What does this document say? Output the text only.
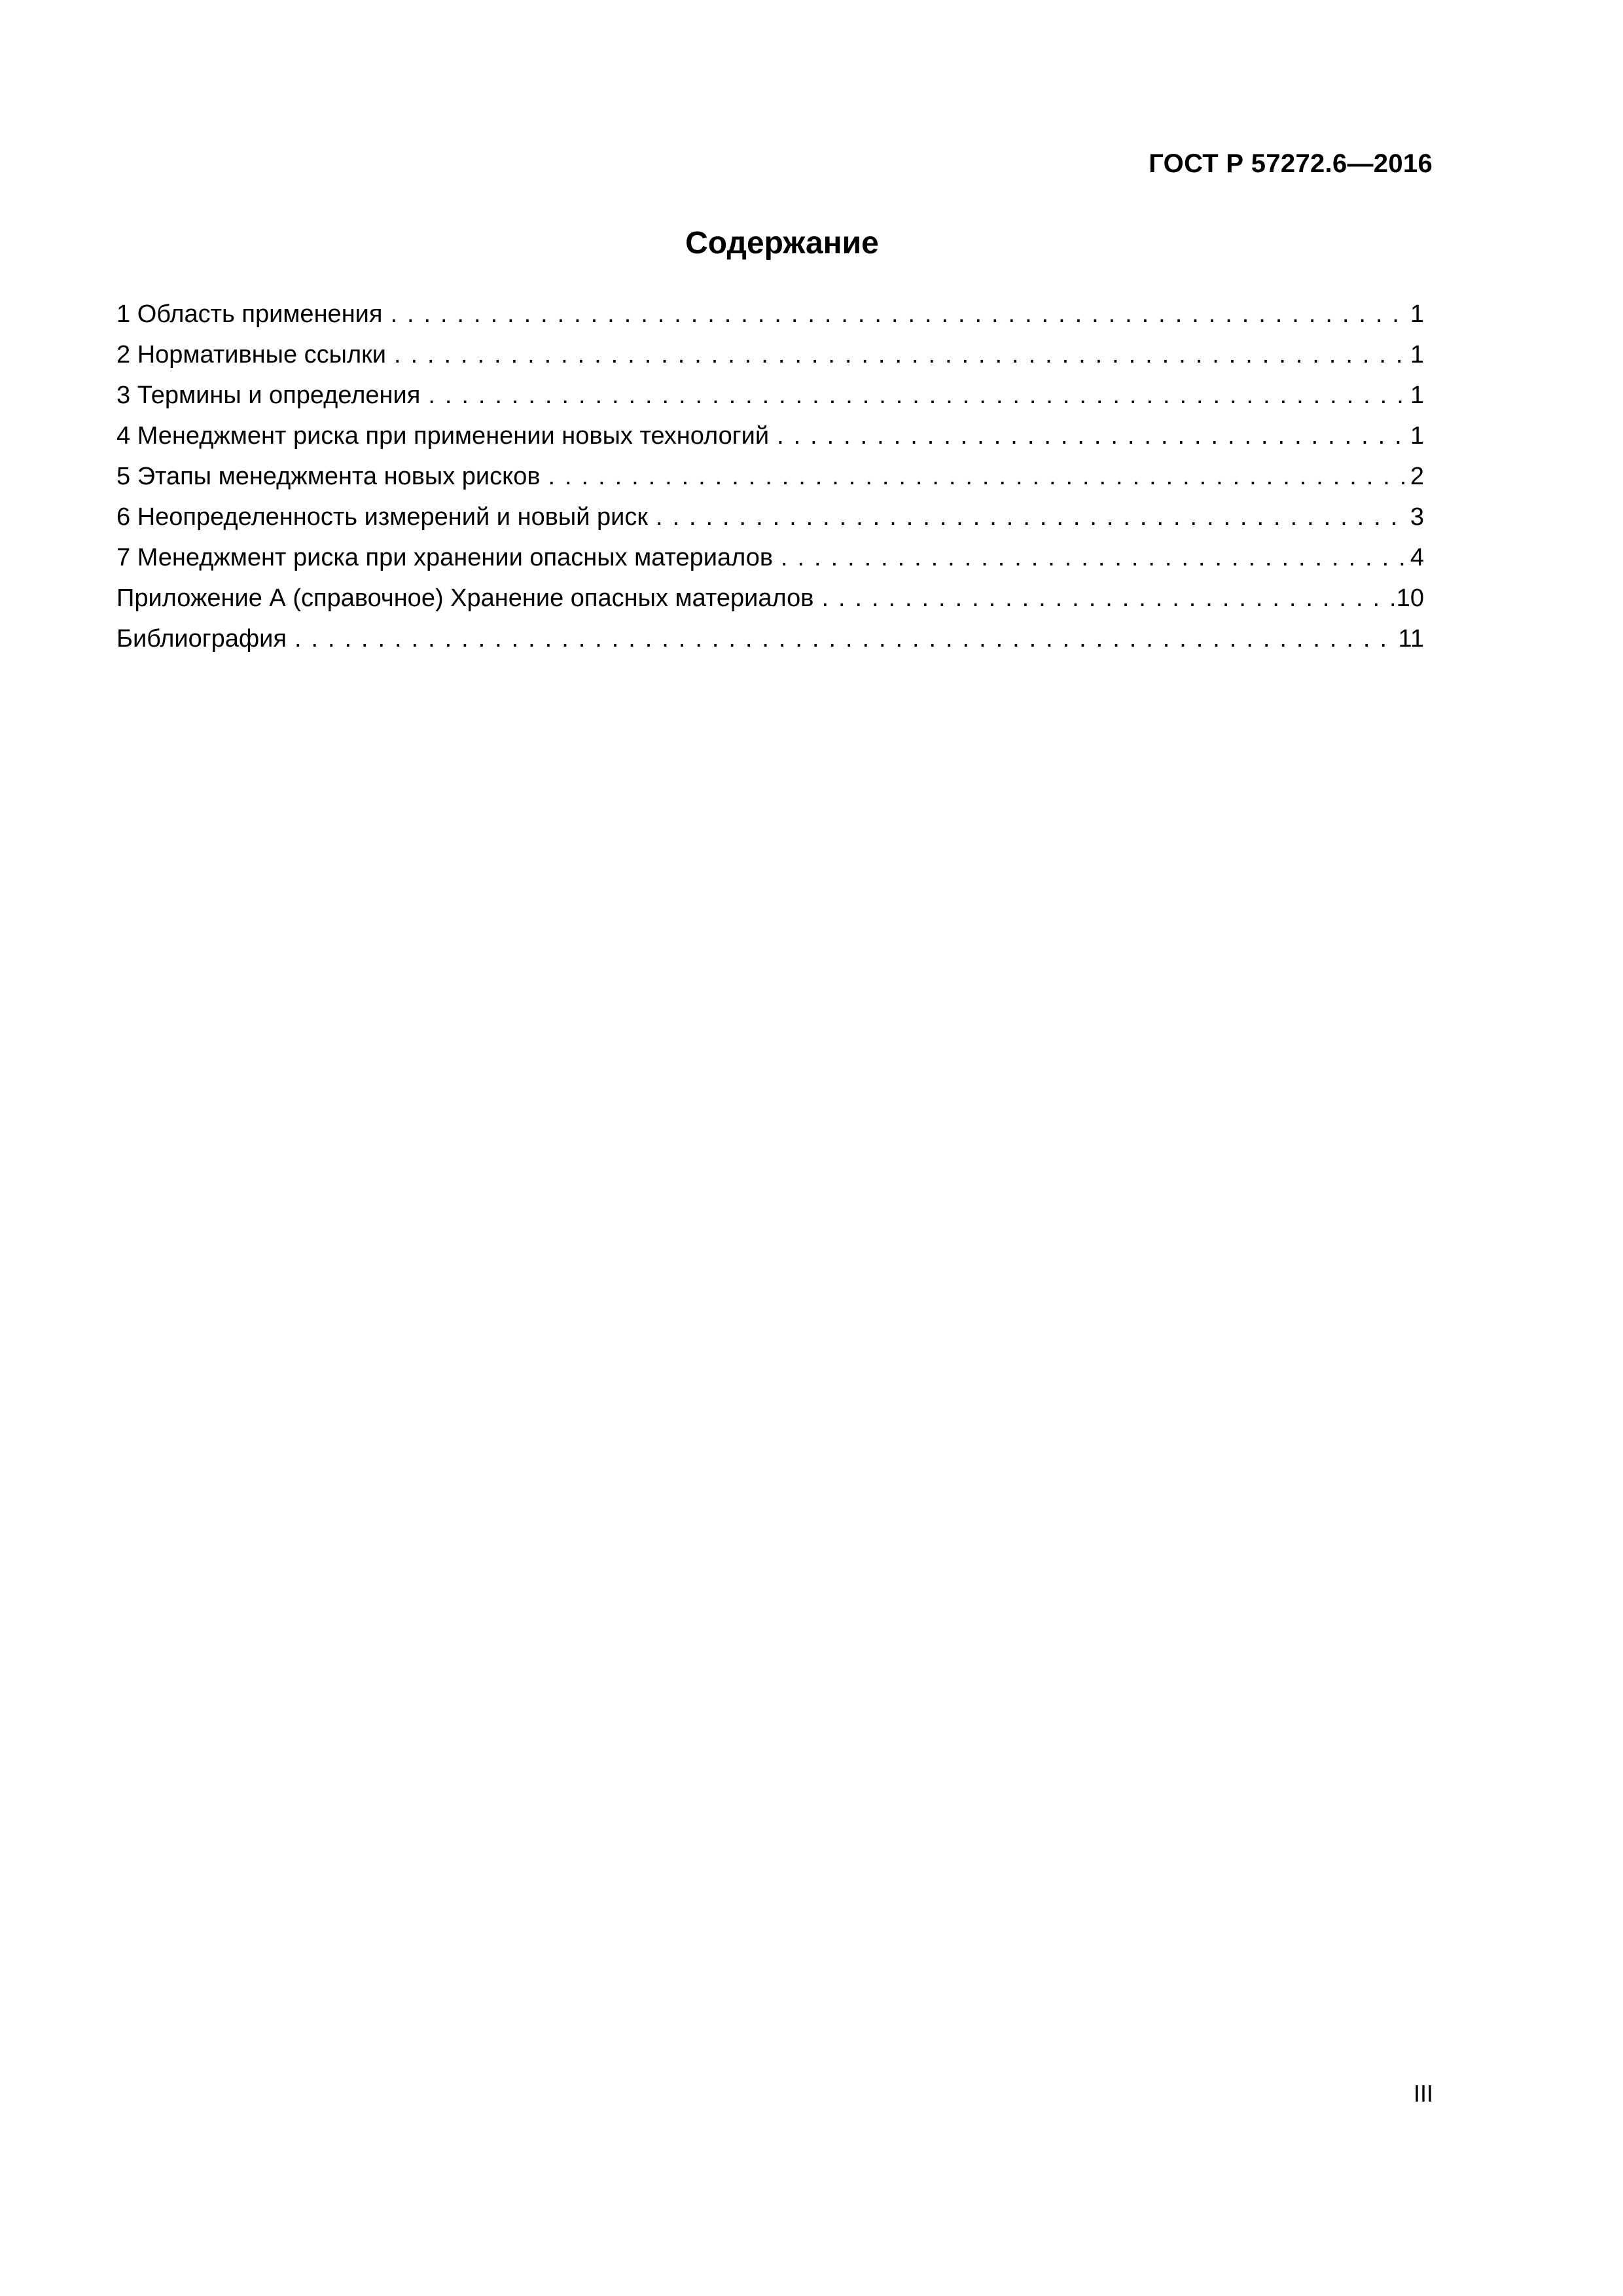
ГОСТ Р 57272.6—2016
Содержание
1 Область применения . . .	1
2 Нормативные ссылки . . .	1
3 Термины и определения . . .	1
4 Менеджмент риска при применении новых технологий . . .	1
5 Этапы менеджмента новых рисков . . .	2
6 Неопределенность измерений и новый риск . . .	3
7 Менеджмент риска при хранении опасных материалов . . .	4
Приложение А (справочное) Хранение опасных материалов . . .	10
Библиография . . .	11
III
